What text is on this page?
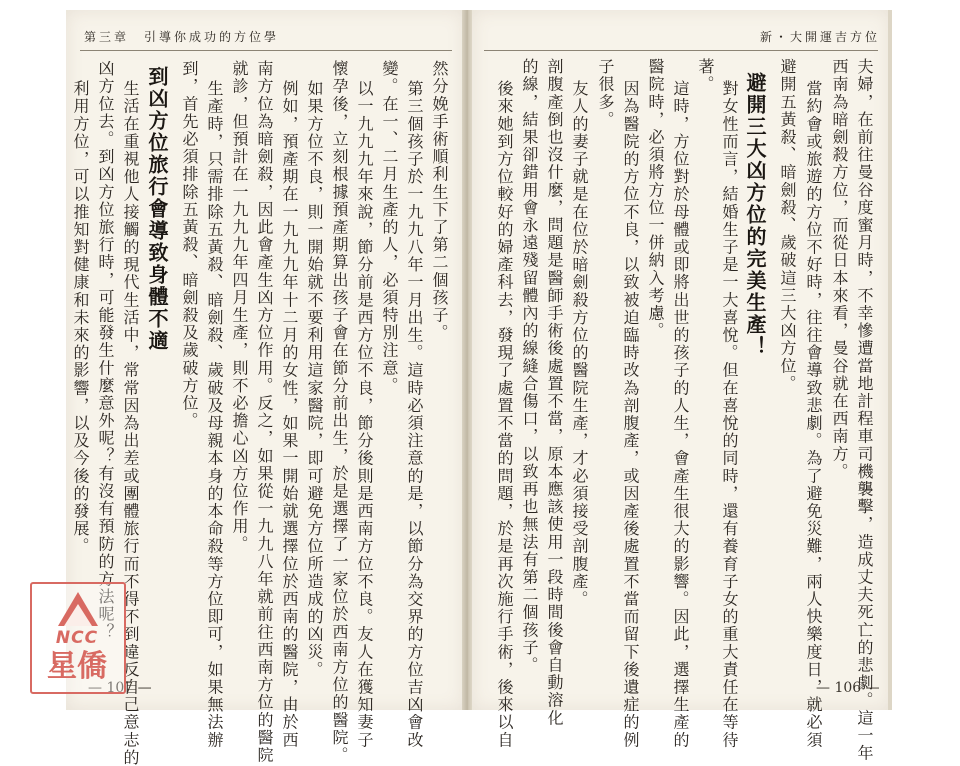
第三章　引導你成功的方位學	新・大開運吉方位
夫婦，在前往曼谷度蜜月時，不幸慘遭當地計程車司機襲擊，造成丈夫死亡的悲劇。這一年
西南為暗劍殺方位，而從日本來看，曼谷就在西南方。
當約會或旅遊的方位不好時，往往會導致悲劇。為了避免災難，兩人快樂度日，就必須
避開五黃殺、暗劍殺、歲破這三大凶方位。
避開三大凶方位的完美生產！
對女性而言，結婚生子是一大喜悅。但在喜悅的同時，還有養育子女的重大責任在等待
著。
這時，方位對於母體或即將出世的孩子的人生，會產生很大的影響。因此，選擇生產的
醫院時，必須將方位一併納入考慮。
因為醫院的方位不良，以致被迫臨時改為剖腹產，或因產後處置不當而留下後遺症的例
子很多。
友人的妻子就是在位於暗劍殺方位的醫院生產，才必須接受剖腹產。
剖腹產倒也沒什麼，問題是醫師手術後處置不當，原本應該使用一段時間後會自動溶化
的線，結果卻錯用會永遠殘留體內的線縫合傷口，以致再也無法有第二個孩子。
後來她到方位較好的婦產科去，發現了處置不當的問題，於是再次施行手術，後來以自	— 106 —
然分娩手術順利生下了第二個孩子。
第三個孩子於一九九八年一月出生。這時必須注意的是，以節分為交界的方位吉凶會改
變。在一、二月生產的人，必須特別注意。
以一九九九年來說，節分前是西方位不良，節分後則是西南方位不良。友人在獲知妻子
懷孕後，立刻根據預產期算出孩子會在節分前出生，於是選擇了一家位於西南方位的醫院。
如果方位不良，則一開始就不要利用這家醫院，即可避免方位所造成的凶災。
例如，預產期在一九九九年十二月的女性，如果一開始就選擇位於西南的醫院，由於西
南方位為暗劍殺，因此會產生凶方位作用。反之，如果從一九九八年就前往西南方位的醫院
就診，但預計在一九九九年四月生產，則不必擔心凶方位作用。
生產時，只需排除五黃殺、暗劍殺、歲破及母親本身的本命殺等方位即可，如果無法辦
到，首先必須排除五黃殺、暗劍殺及歲破方位。
到凶方位旅行會導致身體不適
生活在重視他人接觸的現代生活中，常常因為出差或團體旅行而不得不到違反自己意志的
凶方位去。到凶方位旅行時，可能發生什麼意外呢？有沒有預防的方法呢？
利用方位，可以推知對健康和未來的影響，以及今後的發展。
— 107 —
NCC
星僑
